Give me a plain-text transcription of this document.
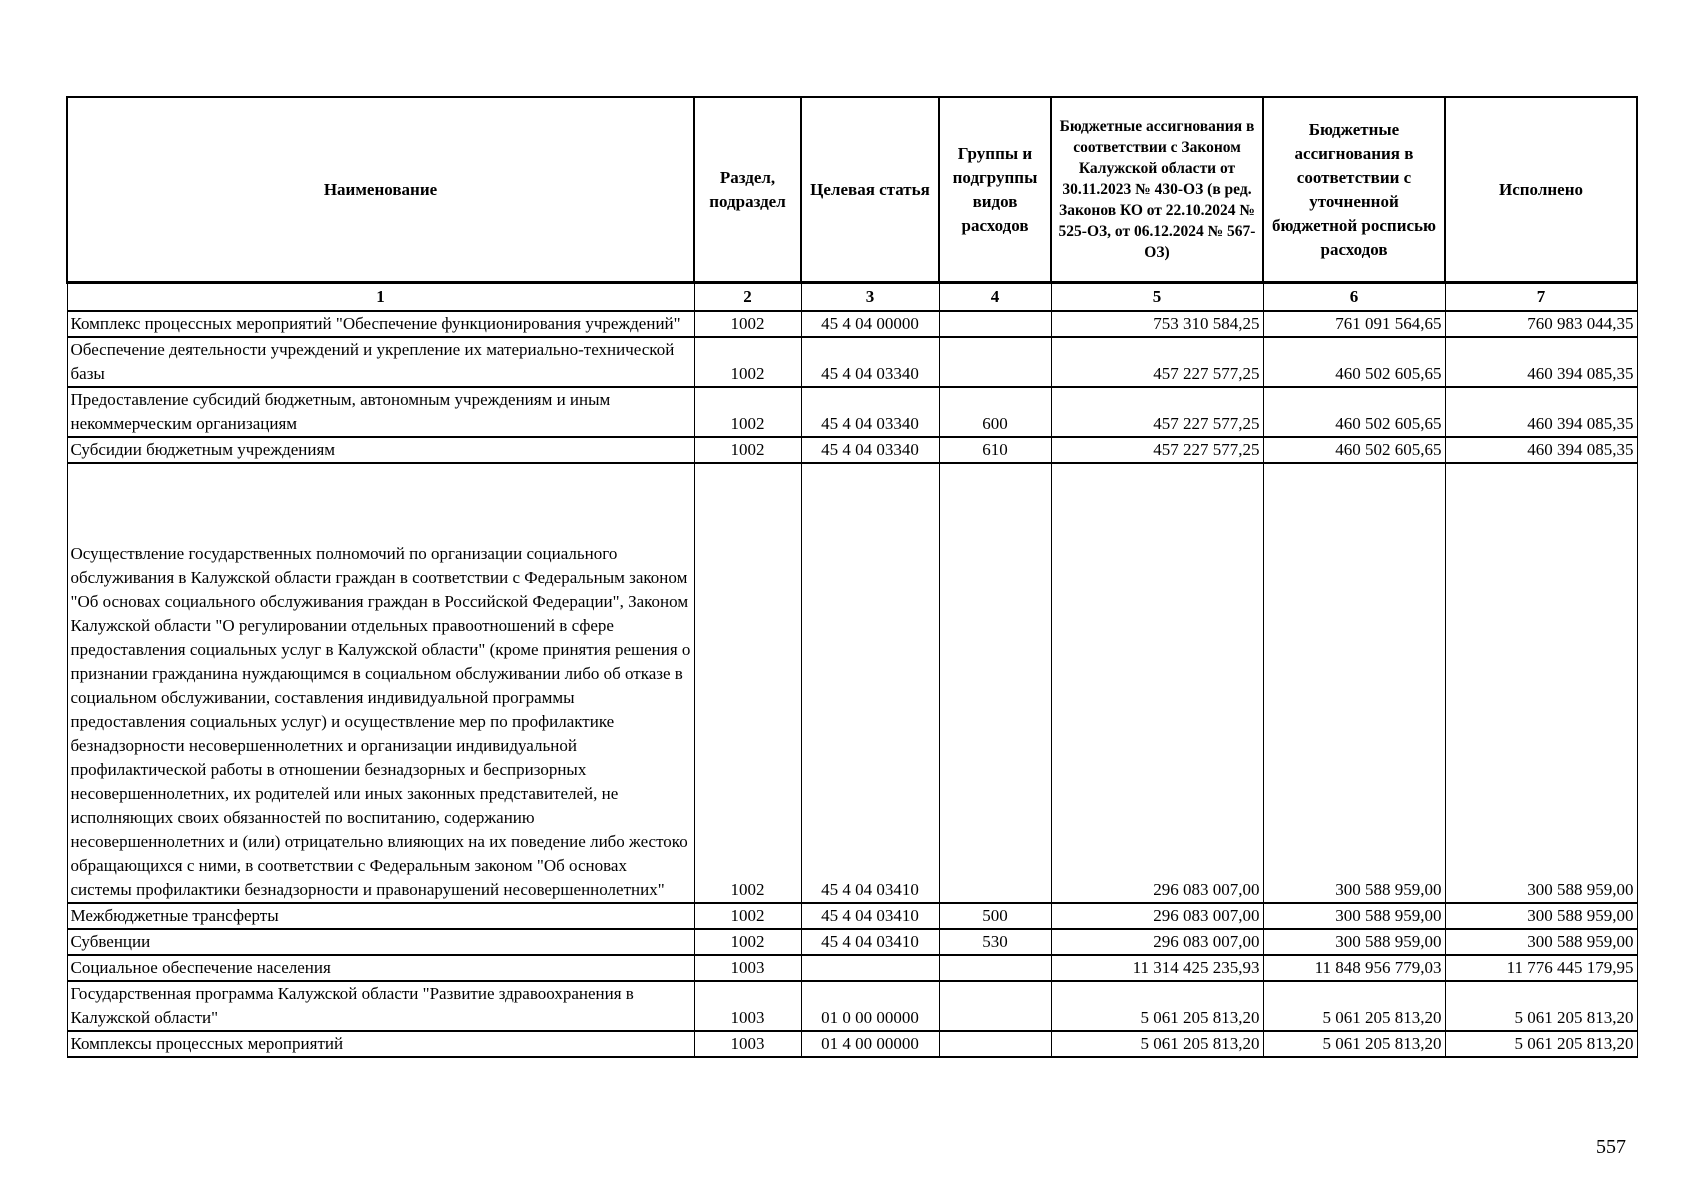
Наименование	Раздел, подраздел	Целевая статья	Группы и подгруппы видов расходов	Бюджетные ассигнования в соответствии с Законом Калужской области от 30.11.2023 № 430-ОЗ (в ред. Законов КО от 22.10.2024 № 525-ОЗ, от 06.12.2024 № 567-ОЗ)	Бюджетные ассигнования в соответствии с уточненной бюджетной росписью расходов	Исполнено
1	2	3	4	5	6	7
Комплекс процессных мероприятий "Обеспечение функционирования учреждений"	1002	45 4 04 00000		753 310 584,25	761 091 564,65	760 983 044,35
Обеспечение деятельности учреждений и укрепление их материально-технической базы	1002	45 4 04 03340		457 227 577,25	460 502 605,65	460 394 085,35
Предоставление субсидий бюджетным, автономным учреждениям и иным некоммерческим организациям	1002	45 4 04 03340	600	457 227 577,25	460 502 605,65	460 394 085,35
Субсидии бюджетным учреждениям	1002	45 4 04 03340	610	457 227 577,25	460 502 605,65	460 394 085,35
Осуществление государственных полномочий по организации социального обслуживания в Калужской области граждан в соответствии с Федеральным законом "Об основах социального обслуживания граждан в Российской Федерации", Законом Калужской области "О регулировании отдельных правоотношений в сфере предоставления социальных услуг в Калужской области" (кроме принятия решения о признании гражданина нуждающимся в социальном обслуживании либо об отказе в социальном обслуживании, составления индивидуальной программы предоставления социальных услуг) и осуществление мер по профилактике безнадзорности несовершеннолетних и организации индивидуальной профилактической работы в отношении безнадзорных и беспризорных несовершеннолетних, их родителей или иных законных представителей, не исполняющих своих обязанностей по воспитанию, содержанию несовершеннолетних и (или) отрицательно влияющих на их поведение либо жестоко обращающихся с ними, в соответствии с Федеральным законом "Об основах системы профилактики безнадзорности и правонарушений несовершеннолетних"	1002	45 4 04 03410		296 083 007,00	300 588 959,00	300 588 959,00
Межбюджетные трансферты	1002	45 4 04 03410	500	296 083 007,00	300 588 959,00	300 588 959,00
Субвенции	1002	45 4 04 03410	530	296 083 007,00	300 588 959,00	300 588 959,00
Социальное обеспечение населения	1003			11 314 425 235,93	11 848 956 779,03	11 776 445 179,95
Государственная программа Калужской области "Развитие здравоохранения в Калужской области"	1003	01 0 00 00000		5 061 205 813,20	5 061 205 813,20	5 061 205 813,20
Комплексы процессных мероприятий	1003	01 4 00 00000		5 061 205 813,20	5 061 205 813,20	5 061 205 813,20
557
